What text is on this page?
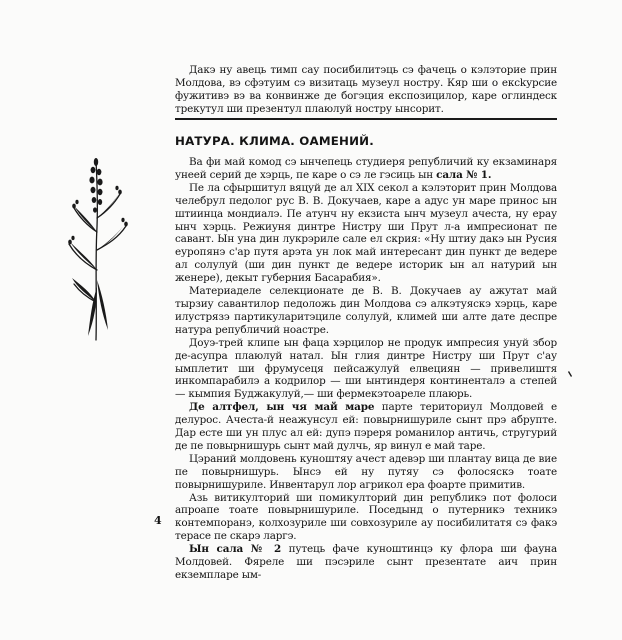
Дакэ ну авець тимп сау посибилитэць сэ фачець о кэлэторие прин Молдова, вэ сфэтуим сэ визитаць музеул ностру. Кяр ши о ексkурсие фужитивэ вэ ва конвинже де богэция експозицилор, каре оглиндеск трекутул ши презентул плаюлуй ностру ынсорит.

НАТУРА. КЛИМА. ОАМЕНИЙ.

Ва фи май комод сэ ынчепець студиеря републичий ку екзаминаря унеей серий де хэрць, пе каре о сэ ле гэсиць ын сала № 1.

Пе ла сфыршитул вяцуй де ал XIX секол а кэлэторит прин Молдова челебрул педолог рус В. В. Докучаев, каре а адус ун маре принос ын штиинца мондиалэ. Пе атунч ну екзиста ынч музеул ачеста, ну ерау ынч хэрць. Режиуня динтре Нистру ши Прут л-а импресионат пе савант. Ын уна дин лукрэриле сале ел скрия: «Ну штиу дакэ ын Русия еуропянэ с'ар путя арэта ун лок май интересант дин пункт де ведере ал солулуй (ши дин пункт де ведере историк ын ал натурий ын женере), декыт губерния Басарабия».

Материаделе селекционате де В. В. Докучаев ау ажутат май тырзиу савантилор педоложь дин Молдова сэ алкэтуяскэ хэрць, каре илустрязэ партикуларитэциле солулуй, климей ши алте дате деспре натура републичий ноастре.

Доуэ-трей клипе ын фаца хэрцилор не продук импресия унуй збор де-асупра плаюлуй натал. Ын глия динтре Нистру ши Прут с'ау ымплетит ши фрумусеця пейсажулуй елвециян — привелиштя инкомпарабилэ а кодрилор — ши ынтиндеря континенталэ а степей — кымпия Буджакулуй,— ши фермекэтоареле плаюрь.

Де алтфел, ын чя май маре парте териториул Молдовей е делурос. Ачеста-й неажунсул ей: повырнишуриле сынт прэ абрупте. Дар есте ши ун плус ал ей: дупэ пэреря романилор античь, стругурий де пе повырнишурь сынт май дулчь, яр винул е май таре.

Цэраний молдовень куноштяу ачест адевэр ши плантау вица де вие пе повырнишурь. Ынсэ ей ну путяу сэ фолосяскэ тоате повырнишуриле. Инвентарул лор агрикол ера фоарте примитив.

Азь витикулторий ши помикулторий дин републикэ пот фолоси апроапе тоате повырнишуриле. Поседынд о путерникэ техникэ контемпоранэ, колхозуриле ши совхозуриле ау посибилитатя сэ факэ терасе пе скарэ ларгэ.

Ын сала № 2 путець фаче куноштинцэ ку флора ши фауна Молдовей. Фяреле ши пэсэриле сынт презентате аич прин екземпларе ым-

4
